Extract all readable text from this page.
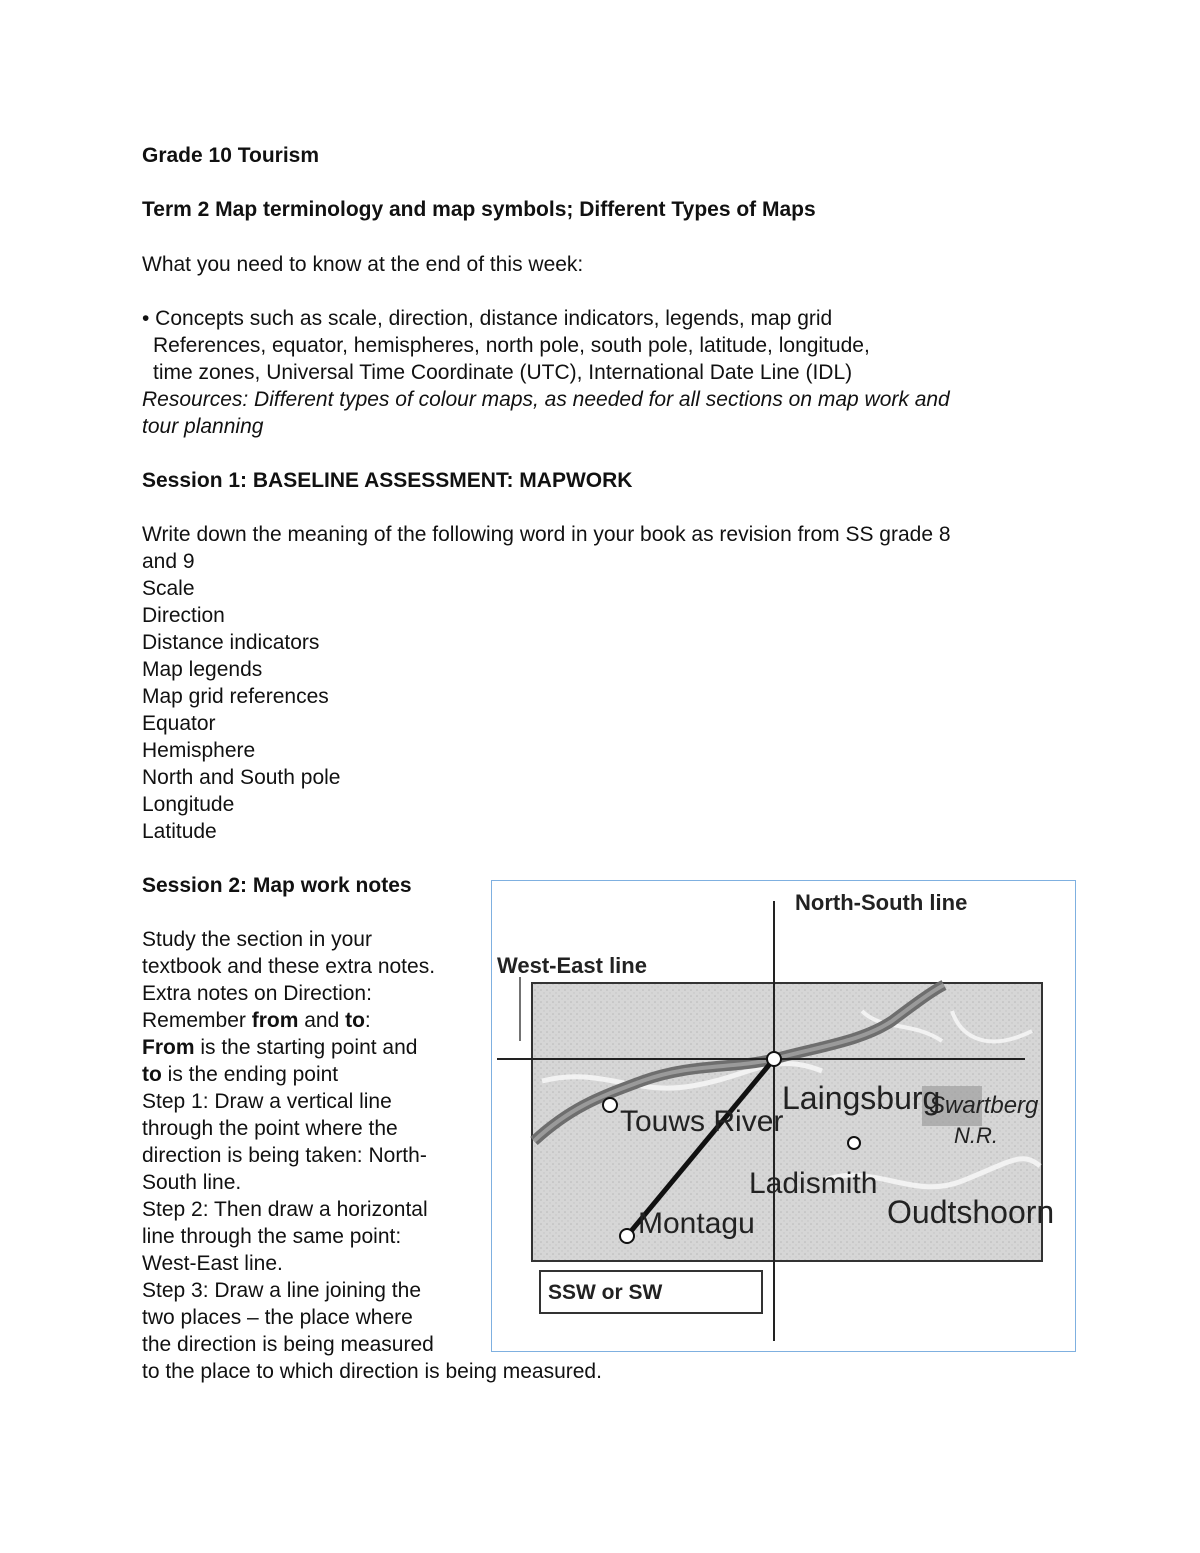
Grade 10 Tourism
Term 2 Map terminology and map symbols; Different Types of Maps
What you need to know at the end of this week:
• Concepts such as scale, direction, distance indicators, legends, map grid
References, equator, hemispheres, north pole, south pole, latitude, longitude,
time zones, Universal Time Coordinate (UTC), International Date Line (IDL)
Resources: Different types of colour maps, as needed for all sections on map work and
tour planning
Session 1: BASELINE ASSESSMENT: MAPWORK
Write down the meaning of the following word in your book as revision from SS grade 8
and 9
Scale
Direction
Distance indicators
Map legends
Map grid references
Equator
Hemisphere
North and South pole
Longitude
Latitude
Session 2: Map work notes
Study the section in your
textbook and these extra notes.
Extra notes on Direction:
Remember from and to:
From is the starting point and
to is the ending point
Step 1: Draw a vertical line
through the point where the
direction is being taken: North-
South line.
Step 2: Then draw a horizontal
line through the same point:
West-East line.
Step 3: Draw a line joining the
two places – the place where
the direction is being measured
to the place to which direction is being measured.
North-South line
West-East line
Touws River
Laingsburg
Swartberg
N.R.
Ladismith
Oudtshoorn
Montagu
SSW or SW
